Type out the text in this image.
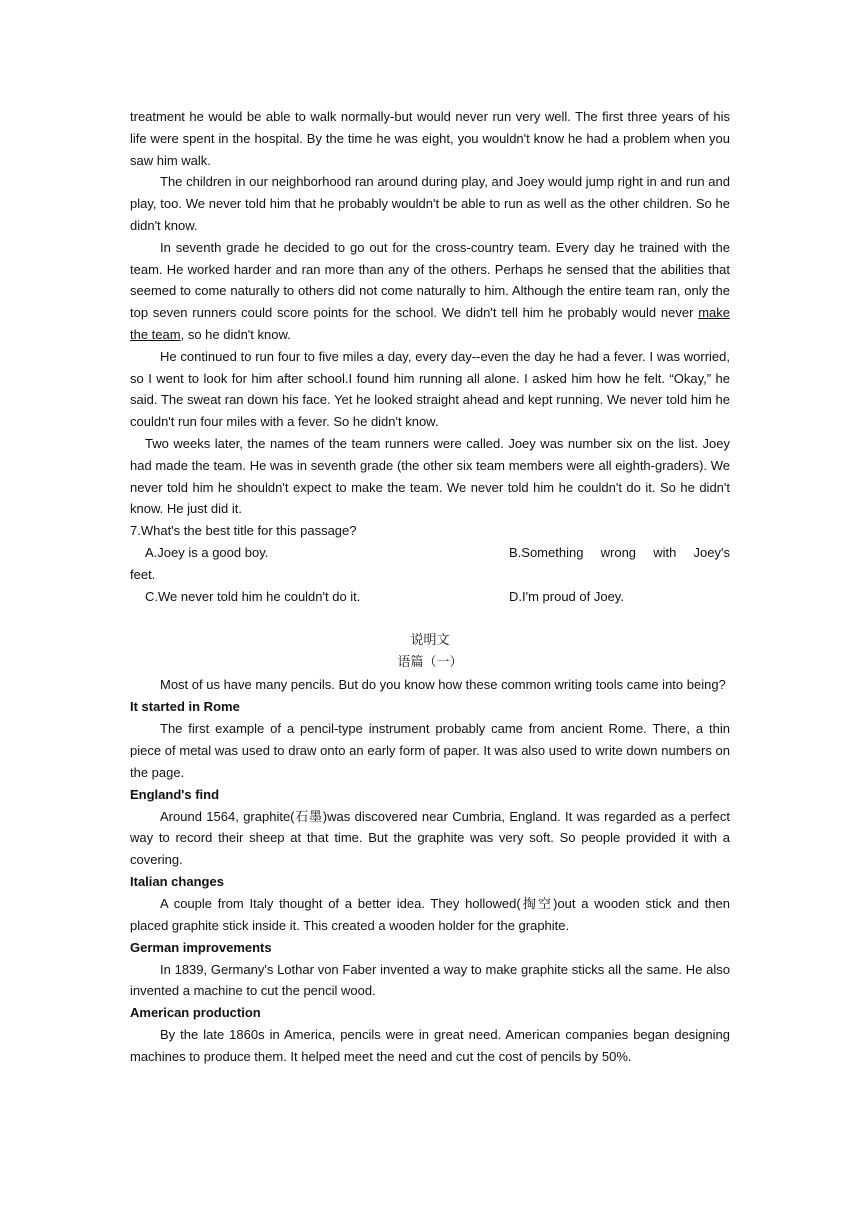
treatment he would be able to walk normally-but would never run very well. The first three years of his life were spent in the hospital. By the time he was eight, you wouldn't know he had a problem when you saw him walk.

The children in our neighborhood ran around during play, and Joey would jump right in and run and play, too. We never told him that he probably wouldn't be able to run as well as the other children. So he didn't know.

In seventh grade he decided to go out for the cross-country team. Every day he trained with the team. He worked harder and ran more than any of the others. Perhaps he sensed that the abilities that seemed to come naturally to others did not come naturally to him. Although the entire team ran, only the top seven runners could score points for the school. We didn't tell him he probably would never make the team, so he didn't know.

He continued to run four to five miles a day, every day--even the day he had a fever. I was worried, so I went to look for him after school.I found him running all alone. I asked him how he felt. “Okay,” he said. The sweat ran down his face. Yet he looked straight ahead and kept running. We never told him he couldn't run four miles with a fever. So he didn't know.

Two weeks later, the names of the team runners were called. Joey was number six on the list. Joey had made the team. He was in seventh grade (the other six team members were all eighth-graders). We never told him he shouldn't expect to make the team. We never told him he couldn't do it. So he didn't know. He just did it.

7.What's the best title for this passage?

A.Joey is a good boy.	B.Something wrong with Joey's

feet.

C.We never told him he couldn't do it.	D.I'm proud of Joey.

说明文

语篇（一）

Most of us have many pencils. But do you know how these common writing tools came into being?

It started in Rome

The first example of a pencil-type instrument probably came from ancient Rome. There, a thin piece of metal was used to draw onto an early form of paper. It was also used to write down numbers on the page.

England's find

Around 1564, graphite(石墨)was discovered near Cumbria, England. It was regarded as a perfect way to record their sheep at that time. But the graphite was very soft. So people provided it with a covering.

Italian changes

A couple from Italy thought of a better idea. They hollowed(掏空)out a wooden stick and then placed graphite stick inside it. This created a wooden holder for the graphite.

German improvements

In 1839, Germany's Lothar von Faber invented a way to make graphite sticks all the same. He also invented a machine to cut the pencil wood.

American production

By the late 1860s in America, pencils were in great need. American companies began designing machines to produce them. It helped meet the need and cut the cost of pencils by 50%.
